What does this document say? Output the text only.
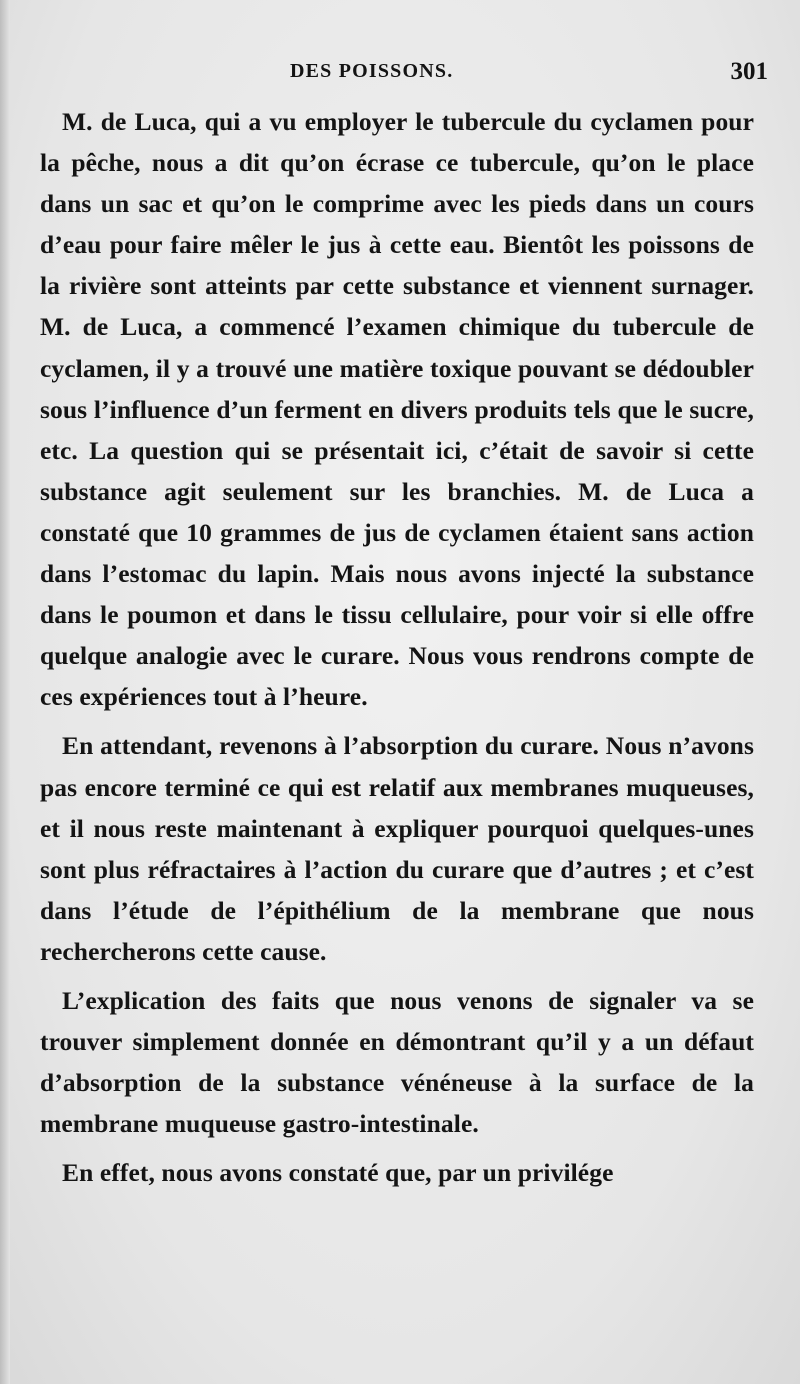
DES POISSONS.	301

M. de Luca, qui a vu employer le tubercule du cyclamen pour la pêche, nous a dit qu’on écrase ce tubercule, qu’on le place dans un sac et qu’on le comprime avec les pieds dans un cours d’eau pour faire mêler le jus à cette eau. Bientôt les poissons de la rivière sont atteints par cette substance et viennent surnager. M. de Luca, a commencé l’examen chimique du tubercule de cyclamen, il y a trouvé une matière toxique pouvant se dédoubler sous l’influence d’un ferment en divers produits tels que le sucre, etc. La question qui se présentait ici, c’était de savoir si cette substance agit seulement sur les branchies. M. de Luca a constaté que 10 grammes de jus de cyclamen étaient sans action dans l’estomac du lapin. Mais nous avons injecté la substance dans le poumon et dans le tissu cellulaire, pour voir si elle offre quelque analogie avec le curare. Nous vous rendrons compte de ces expériences tout à l’heure.

En attendant, revenons à l’absorption du curare. Nous n’avons pas encore terminé ce qui est relatif aux membranes muqueuses, et il nous reste maintenant à expliquer pourquoi quelques-unes sont plus réfractaires à l’action du curare que d’autres ; et c’est dans l’étude de l’épithélium de la membrane que nous rechercherons cette cause.

L’explication des faits que nous venons de signaler va se trouver simplement donnée en démontrant qu’il y a un défaut d’absorption de la substance vénéneuse à la surface de la membrane muqueuse gastro-intestinale.

En effet, nous avons constaté que, par un privilége
